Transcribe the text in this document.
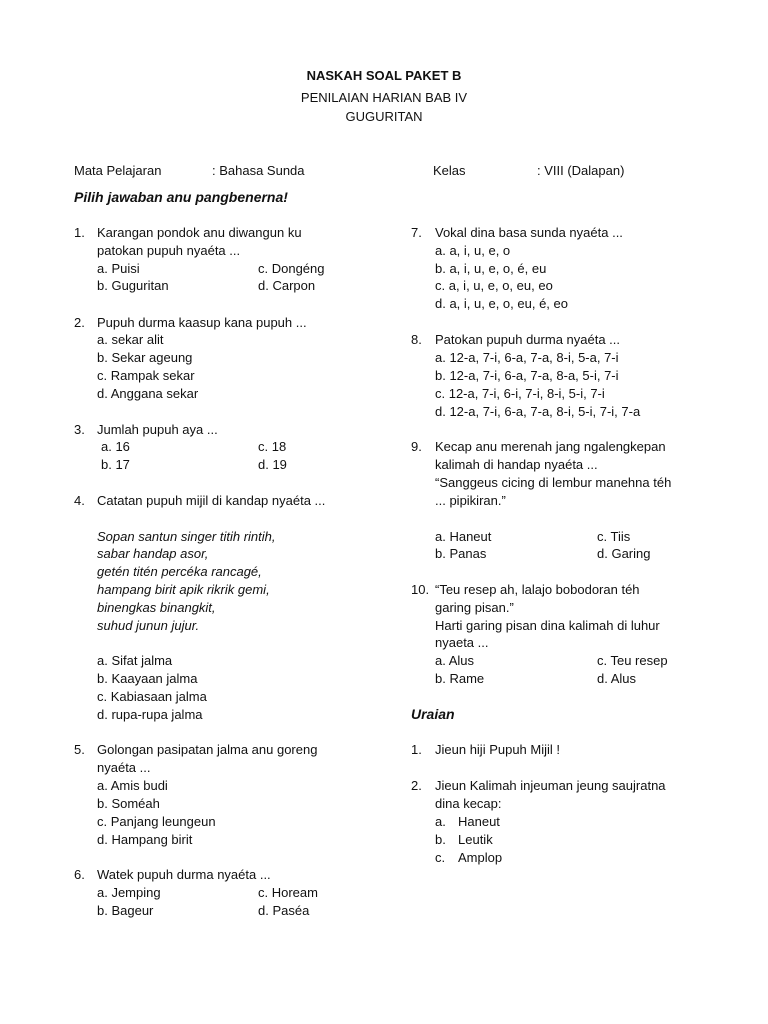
NASKAH SOAL PAKET B
PENILAIAN HARIAN BAB IV
GUGURITAN
Mata Pelajaran	: Bahasa Sunda	Kelas	: VIII (Dalapan)
Pilih jawaban anu pangbenerna!
1. Karangan pondok anu diwangun ku
patokan pupuh nyaéta ...
a. Puisi	c. Dongéng
b. Guguritan	d. Carpon
2. Pupuh durma kaasup kana pupuh ...
a. sekar alit
b. Sekar ageung
c. Rampak sekar
d. Anggana sekar
3. Jumlah pupuh aya ...
a. 16	c. 18
b. 17	d. 19
4. Catatan pupuh mijil di kandap nyaéta ...
Sopan santun singer titih rintih,
sabar handap asor,
getén titén percéka rancagé,
hampang birit apik rikrik gemi,
binengkas binangkit,
suhud junun jujur.
a. Sifat jalma
b. Kaayaan jalma
c. Kabiasaan jalma
d. rupa-rupa jalma
5. Golongan pasipatan jalma anu goreng
nyaéta ...
a. Amis budi
b. Soméah
c. Panjang leungeun
d. Hampang birit
6. Watek pupuh durma nyaéta ...
a. Jemping	c. Hoream
b. Bageur	d. Paséa
7. Vokal dina basa sunda nyaéta ...
a. a, i, u, e, o
b. a, i, u, e, o, é, eu
c. a, i, u, e, o, eu, eo
d. a, i, u, e, o, eu, é, eo
8. Patokan pupuh durma nyaéta ...
a. 12-a, 7-i, 6-a, 7-a, 8-i, 5-a, 7-i
b. 12-a, 7-i, 6-a, 7-a, 8-a, 5-i, 7-i
c. 12-a, 7-i, 6-i, 7-i, 8-i, 5-i, 7-i
d. 12-a, 7-i, 6-a, 7-a, 8-i, 5-i, 7-i, 7-a
9. Kecap anu merenah jang ngalengkepan
kalimah di handap nyaéta ...
“Sanggeus cicing di lembur manehna téh
... pipikiran.”
a. Haneut	c. Tiis
b. Panas	d. Garing
10. “Teu resep ah, lalajo bobodoran téh
garing pisan.”
Harti garing pisan dina kalimah di luhur
nyaeta ...
a. Alus	c. Teu resep
b. Rame	d. Alus
Uraian
1. Jieun hiji Pupuh Mijil !
2. Jieun Kalimah injeuman jeung saujratna
dina kecap:
a. Haneut
b. Leutik
c. Amplop
